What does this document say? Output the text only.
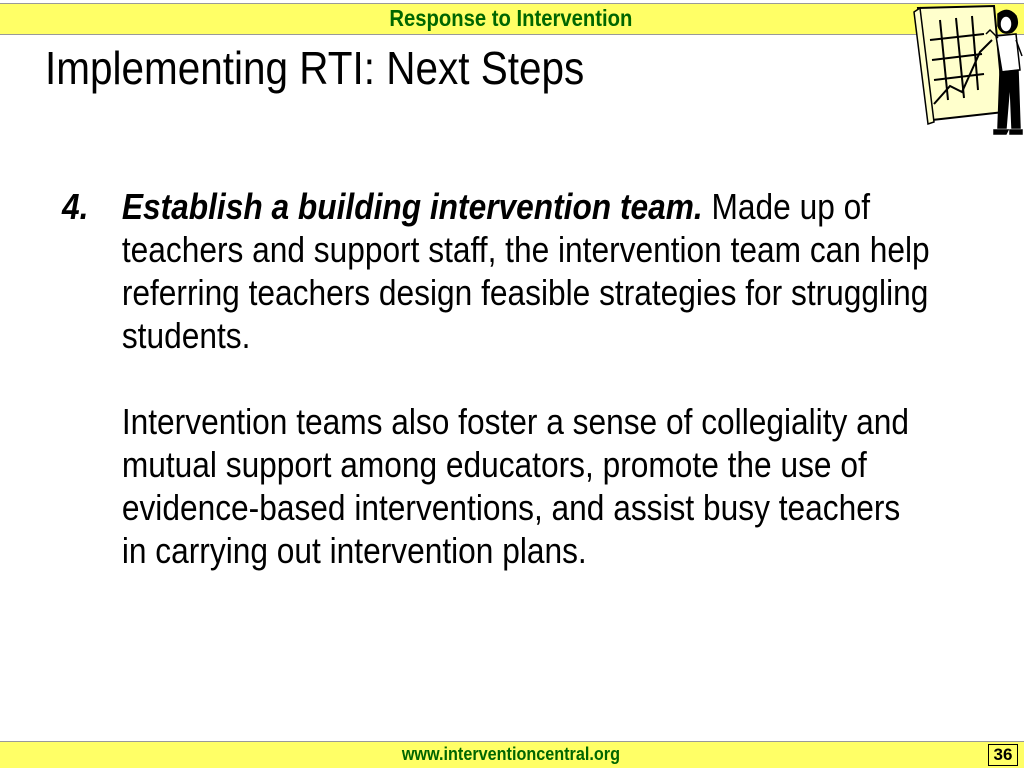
Response to Intervention
Implementing RTI: Next Steps
4. Establish a building intervention team. Made up of teachers and support staff, the intervention team can help referring teachers design feasible strategies for struggling students.

Intervention teams also foster a sense of collegiality and mutual support among educators, promote the use of evidence-based interventions, and assist busy teachers in carrying out intervention plans.

www.interventioncentral.org	36
